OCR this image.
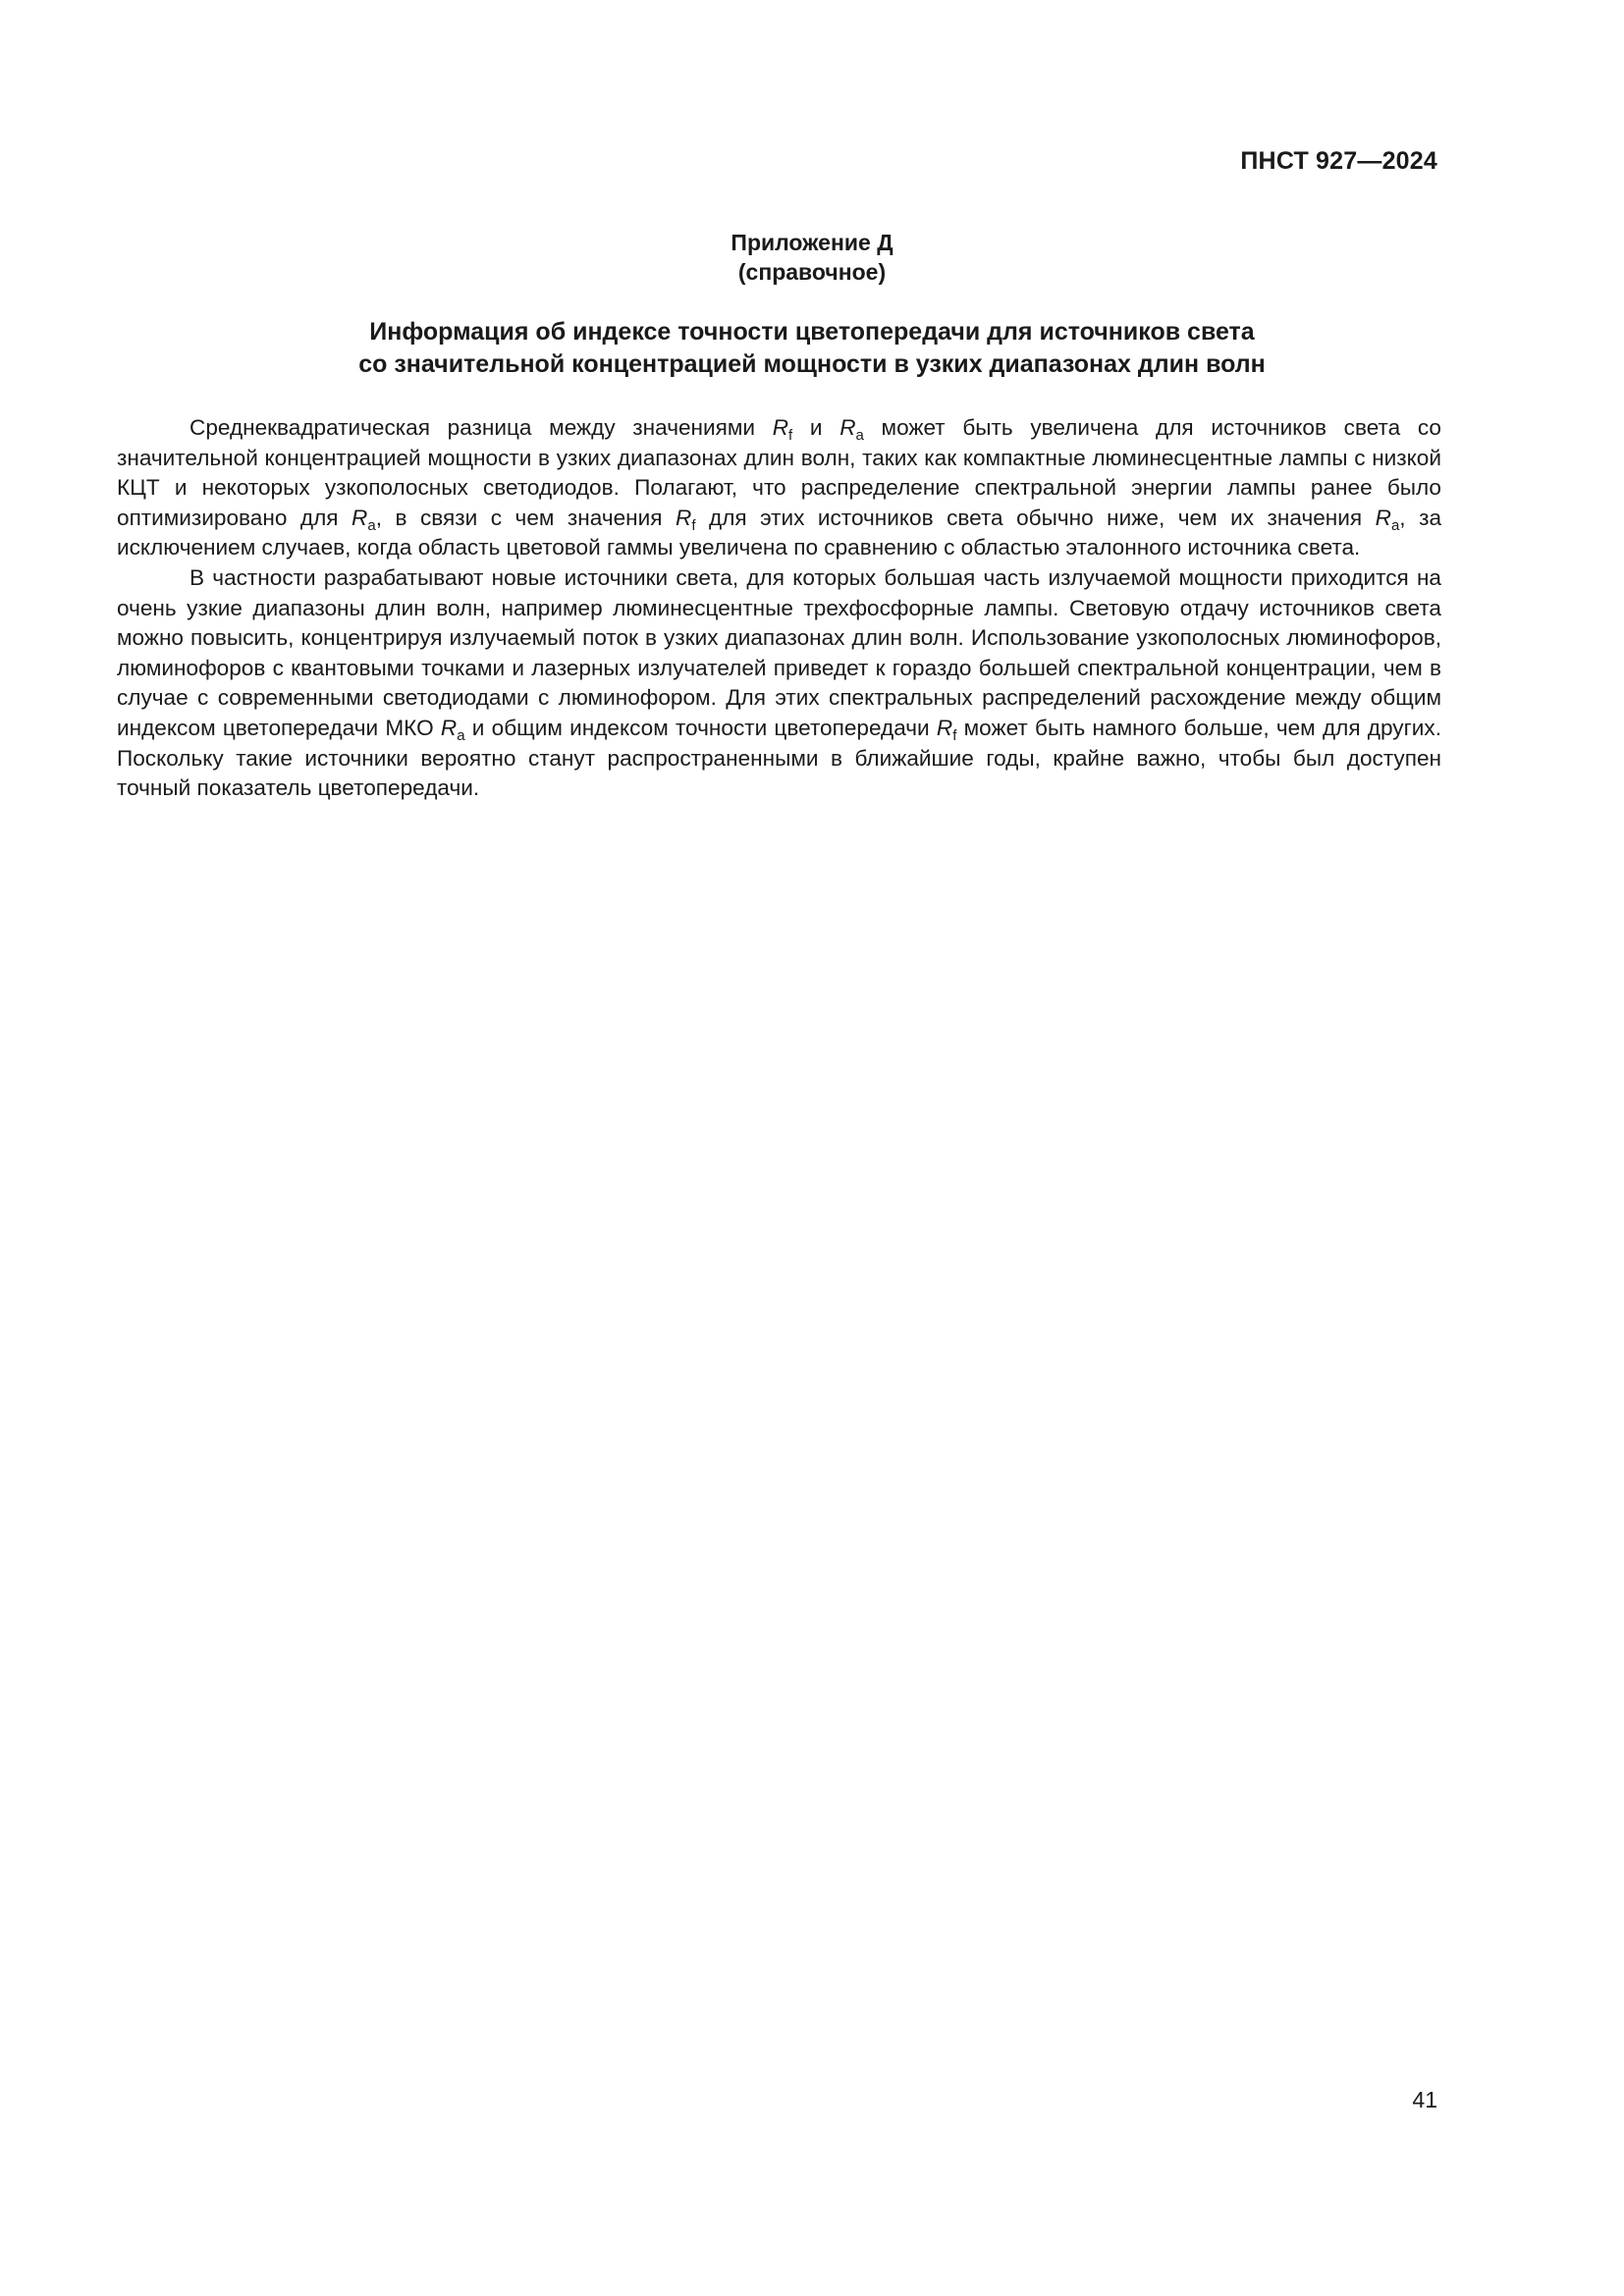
ПНСТ 927—2024
Приложение Д
(справочное)
Информация об индексе точности цветопередачи для источников света
со значительной концентрацией мощности в узких диапазонах длин волн

Среднеквадратическая разница между значениями $R_f$ и $R_a$ может быть увеличена для источников света со значительной концентрацией мощности в узких диапазонах длин волн, таких как компактные люминесцентные лампы с низкой КЦТ и некоторых узкополосных светодиодов. Полагают, что распределение спектральной энергии лампы ранее было оптимизировано для $R_a$, в связи с чем значения $R_f$ для этих источников света обычно ниже, чем их значения $R_a$, за исключением случаев, когда область цветовой гаммы увеличена по сравнению с областью эталонного источника света.

В частности разрабатывают новые источники света, для которых большая часть излучаемой мощности приходится на очень узкие диапазоны длин волн, например люминесцентные трехфосфорные лампы. Световую отдачу источников света можно повысить, концентрируя излучаемый поток в узких диапазонах длин волн. Использование узкополосных люминофоров, люминофоров с квантовыми точками и лазерных излучателей приведет к гораздо большей спектральной концентрации, чем в случае с современными светодиодами с люминофором. Для этих спектральных распределений расхождение между общим индексом цветопередачи МКО $R_a$ и общим индексом точности цветопередачи $R_f$ может быть намного больше, чем для других. Поскольку такие источники вероятно станут распространенными в ближайшие годы, крайне важно, чтобы был доступен точный показатель цветопередачи.

41
